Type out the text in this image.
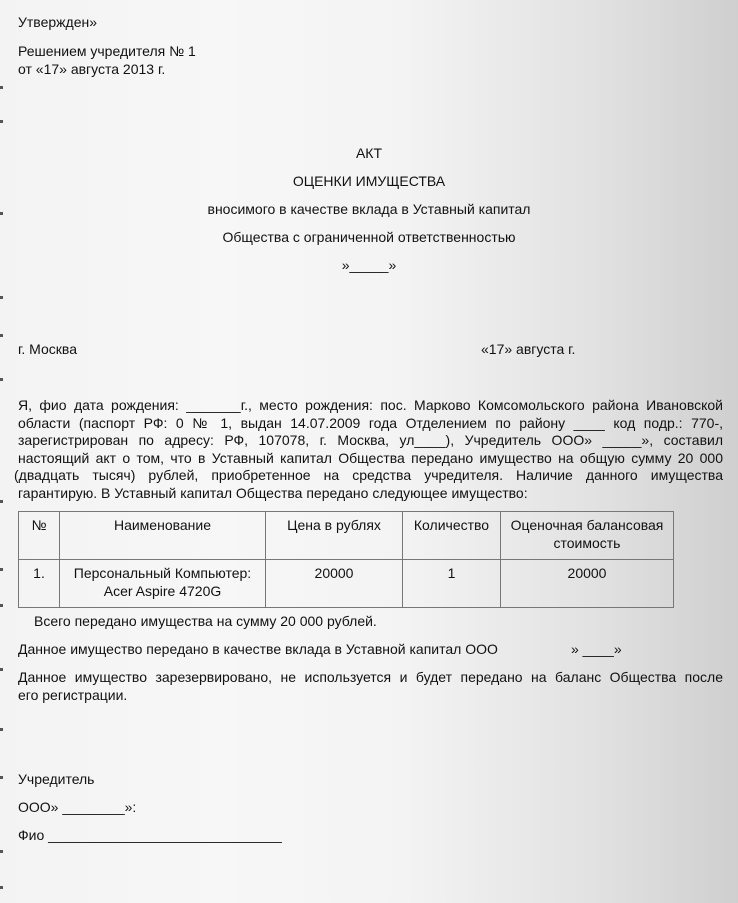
Утвержден»
Решением учредителя № 1
от «17» августа 2013 г.
АКТ
ОЦЕНКИ ИМУЩЕСТВА
вносимого в качестве вклада в Уставный капитал
Общества с ограниченной ответственностью
»_____»
г. Москва	«17» августа г.
Я, фио дата рождения: _______г., место рождения: пос. Марково Комсомольского района Ивановской
области (паспорт РФ: 0 № 1, выдан 14.07.2009 года Отделением по району ____ код подр.: 770-,
зарегистрирован по адресу: РФ, 107078, г. Москва, ул____), Учредитель ООО» _____», составил
настоящий акт о том, что в Уставный капитал Общества передано имущество на общую сумму 20 000
(двадцать тысяч) рублей, приобретенное на средства учредителя. Наличие данного имущества
гарантирую. В Уставный капитал Общества передано следующее имущество:
№	Наименование	Цена в рублях	Количество	Оценочная балансовая
стоимость

1.	Персональный Компьютер:
Acer Aspire 4720G	20000	1	20000
Всего передано имущества на сумму 20 000 рублей.
Данное имущество передано в качестве вклада в Уставной капитал ООО	» ____»
Данное имущество зарезервировано, не используется и будет передано на баланс Общества после
его регистрации.
Учредитель
ООО» ________»:
Фио ______________________________
